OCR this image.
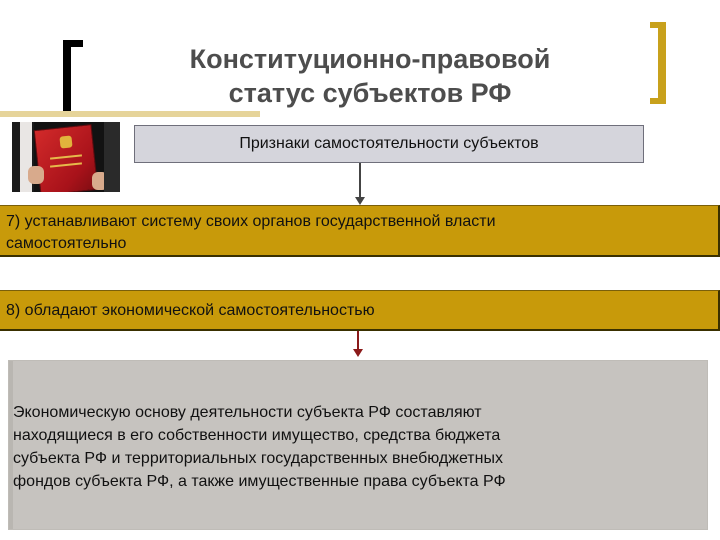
Конституционно-правовой
статус субъектов РФ
Признаки самостоятельности субъектов
7) устанавливают систему своих органов государственной власти
самостоятельно
8) обладают экономической самостоятельностью
Экономическую основу деятельности субъекта РФ составляют
находящиеся в его собственности имущество, средства бюджета
субъекта РФ и территориальных государственных внебюджетных
фондов субъекта РФ, а также имущественные права субъекта РФ
